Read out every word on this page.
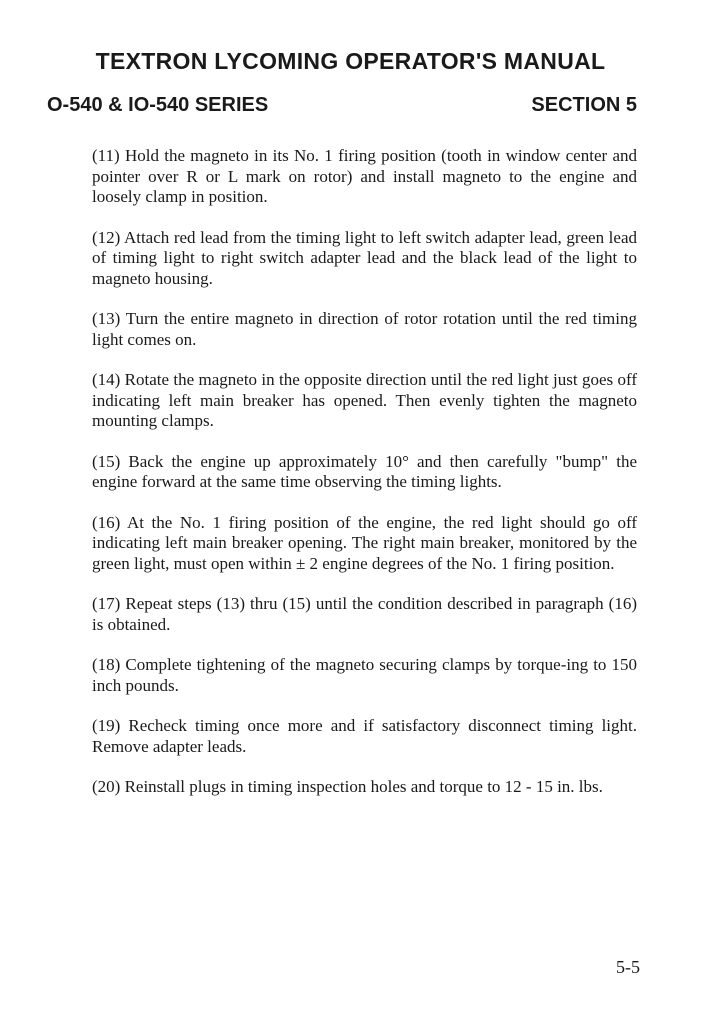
TEXTRON LYCOMING OPERATOR'S MANUAL
O-540 & IO-540 SERIES	SECTION 5

(11) Hold the magneto in its No. 1 firing position (tooth in window center and pointer over R or L mark on rotor) and install magneto to the engine and loosely clamp in position.

(12) Attach red lead from the timing light to left switch adapter lead, green lead of timing light to right switch adapter lead and the black lead of the light to magneto housing.

(13) Turn the entire magneto in direction of rotor rotation until the red timing light comes on.

(14) Rotate the magneto in the opposite direction until the red light just goes off indicating left main breaker has opened. Then evenly tighten the magneto mounting clamps.

(15) Back the engine up approximately 10° and then carefully "bump" the engine forward at the same time observing the timing lights.

(16) At the No. 1 firing position of the engine, the red light should go off indicating left main breaker opening. The right main breaker, monitored by the green light, must open within ± 2 engine degrees of the No. 1 firing position.

(17) Repeat steps (13) thru (15) until the condition described in paragraph (16) is obtained.

(18) Complete tightening of the magneto securing clamps by torque-ing to 150 inch pounds.

(19) Recheck timing once more and if satisfactory disconnect timing light. Remove adapter leads.

(20) Reinstall plugs in timing inspection holes and torque to 12 - 15 in. lbs.

5-5
